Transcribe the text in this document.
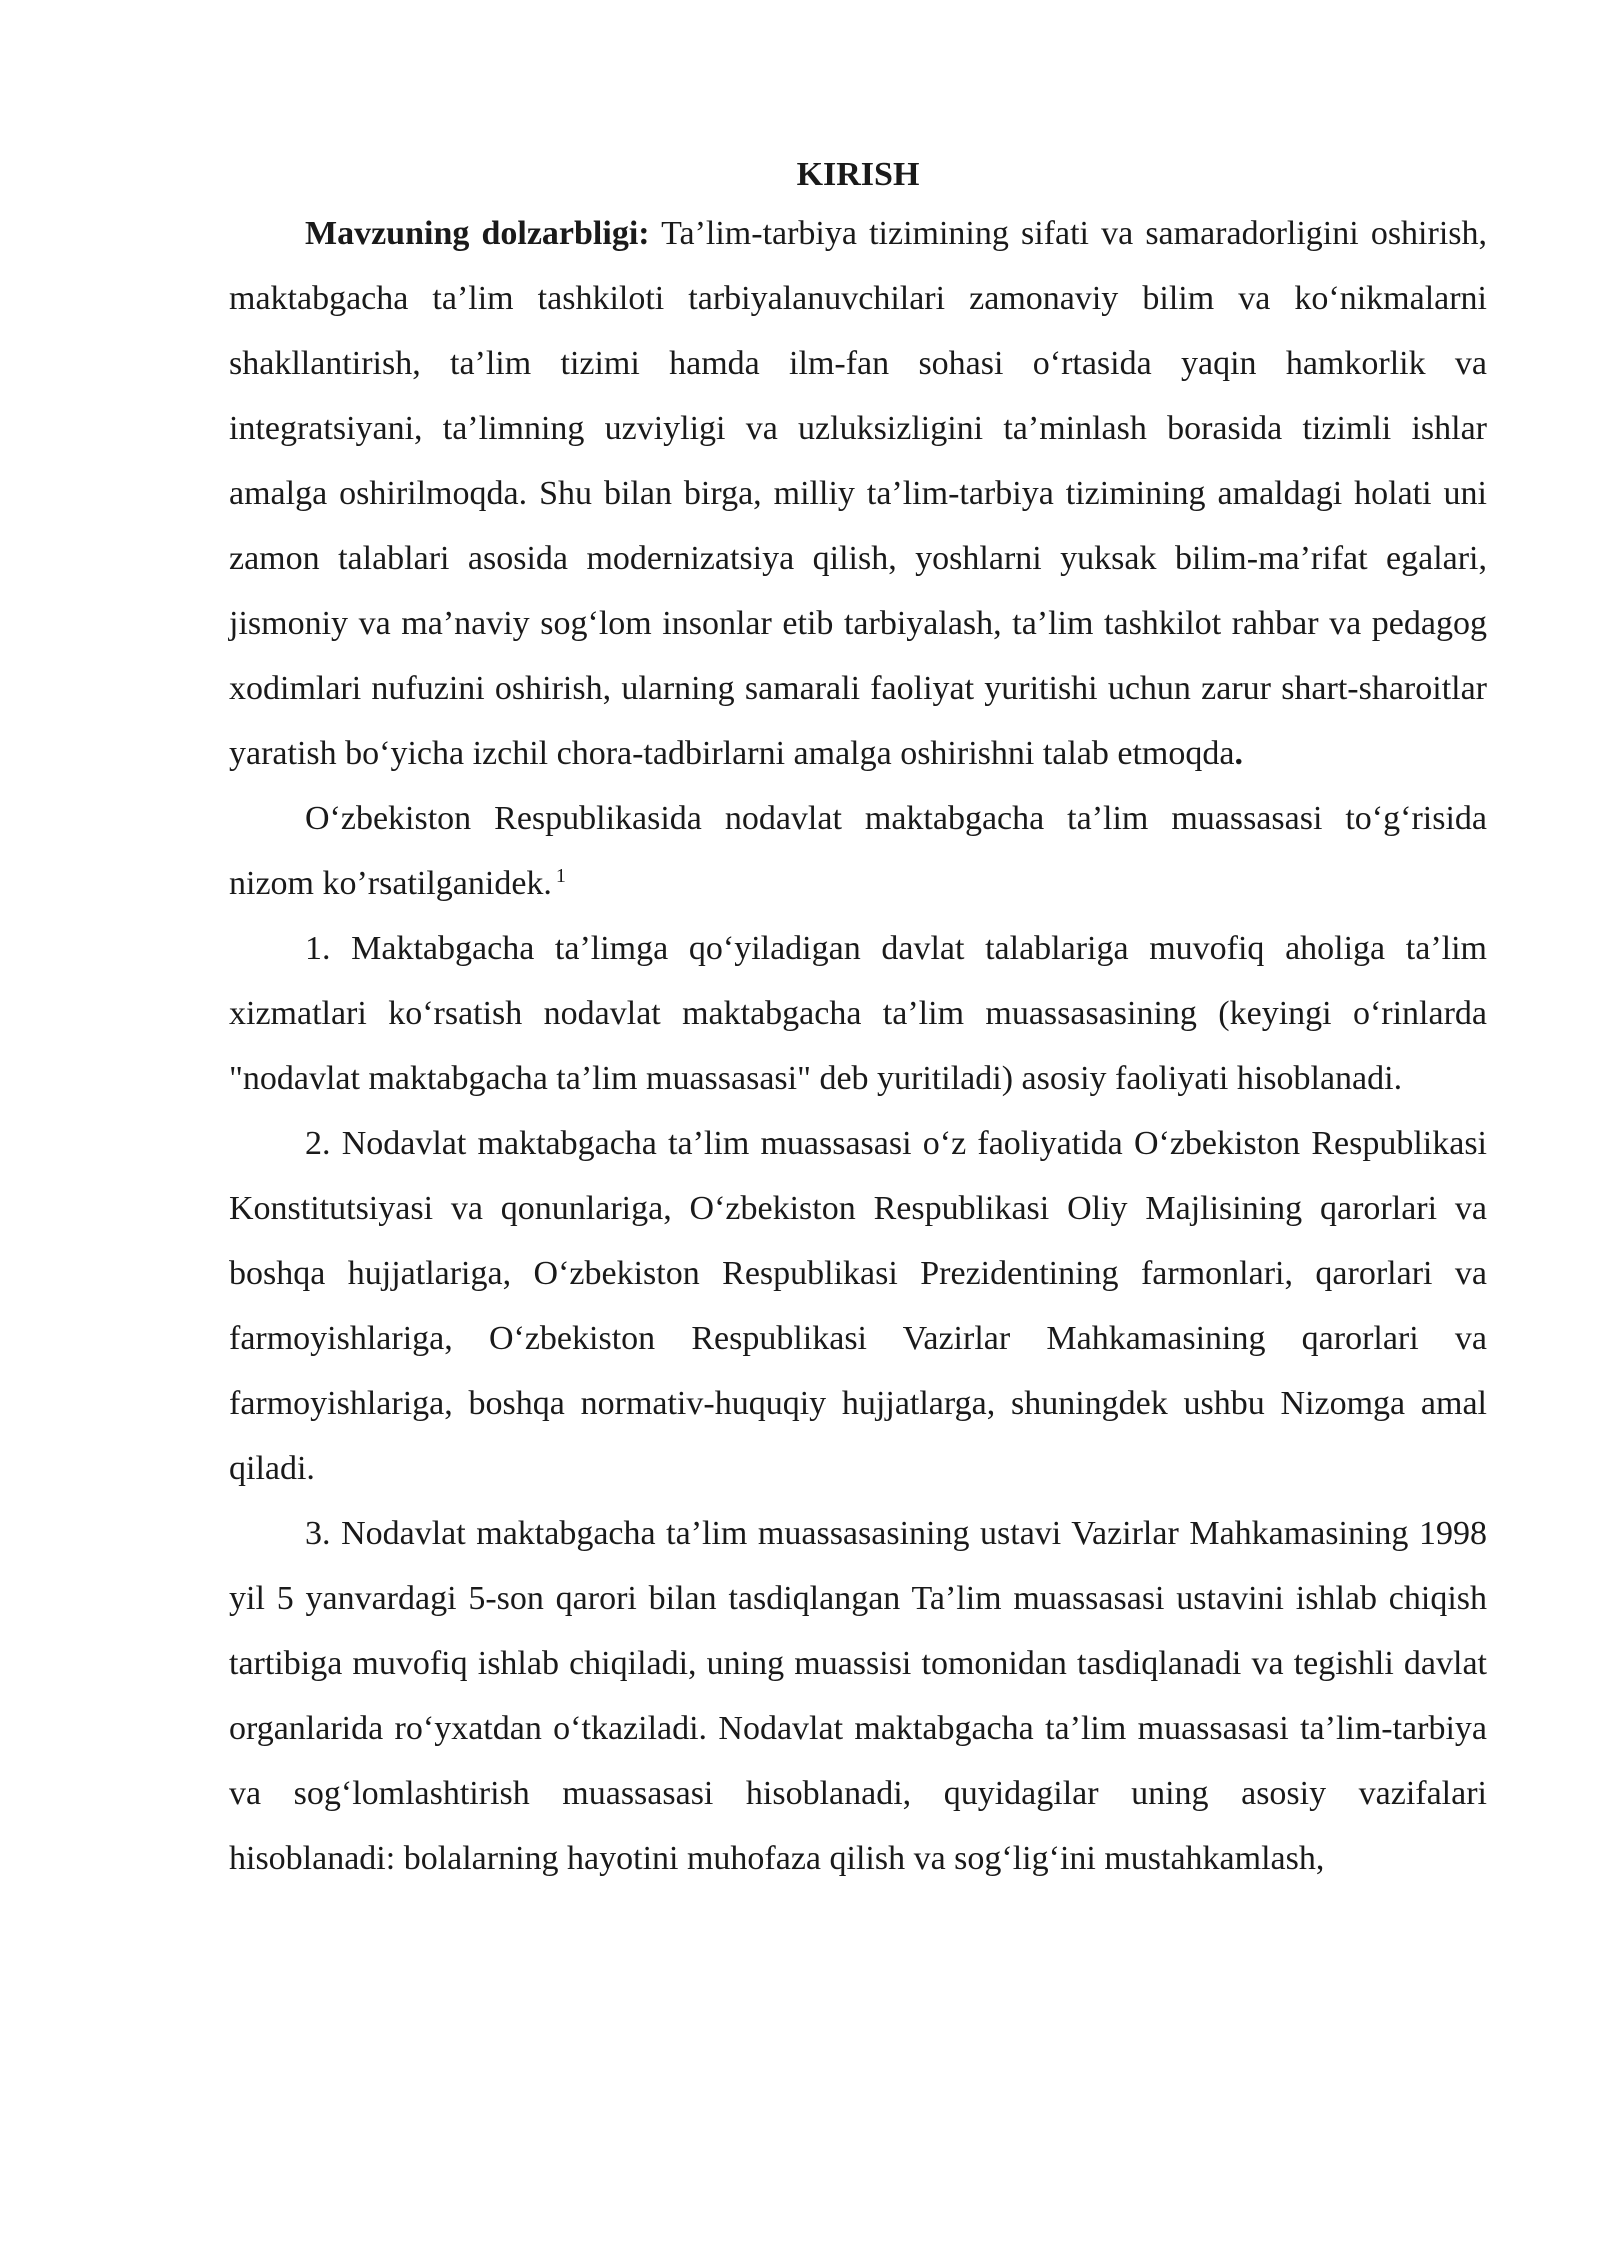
KIRISH

Mavzuning dolzarbligi: Ta’lim-tarbiya tizimining sifati va samaradorligini oshirish, maktabgacha ta’lim tashkiloti tarbiyalanuvchilari zamonaviy bilim va ko‘nikmalarni shakllantirish, ta’lim tizimi hamda ilm-fan sohasi o‘rtasida yaqin hamkorlik va integratsiyani, ta’limning uzviyligi va uzluksizligini ta’minlash borasida tizimli ishlar amalga oshirilmoqda. Shu bilan birga, milliy ta’lim-tarbiya tizimining amaldagi holati uni zamon talablari asosida modernizatsiya qilish, yoshlarni yuksak bilim-ma’rifat egalari, jismoniy va ma’naviy sog‘lom insonlar etib tarbiyalash, ta’lim tashkilot rahbar va pedagog xodimlari nufuzini oshirish, ularning samarali faoliyat yuritishi uchun zarur shart-sharoitlar yaratish bo‘yicha izchil chora-tadbirlarni amalga oshirishni talab etmoqda.

O‘zbekiston Respublikasida nodavlat maktabgacha ta’lim muassasasi to‘g‘risida nizom ko’rsatilganidek. $^1$

1. Maktabgacha ta’limga qo‘yiladigan davlat talablariga muvofiq aholiga ta’lim xizmatlari ko‘rsatish nodavlat maktabgacha ta’lim muassasasining (keyingi o‘rinlarda "nodavlat maktabgacha ta’lim muassasasi" deb yuritiladi) asosiy faoliyati hisoblanadi.

2. Nodavlat maktabgacha ta’lim muassasasi o‘z faoliyatida O‘zbekiston Respublikasi Konstitutsiyasi va qonunlariga, O‘zbekiston Respublikasi Oliy Majlisining qarorlari va boshqa hujjatlariga, O‘zbekiston Respublikasi Prezidentining farmonlari, qarorlari va farmoyishlariga, O‘zbekiston Respublikasi Vazirlar Mahkamasining qarorlari va farmoyishlariga, boshqa normativ-huquqiy hujjatlarga, shuningdek ushbu Nizomga amal qiladi.

3. Nodavlat maktabgacha ta’lim muassasasining ustavi Vazirlar Mahkamasining 1998 yil 5 yanvardagi 5-son qarori bilan tasdiqlangan Ta’lim muassasasi ustavini ishlab chiqish tartibiga muvofiq ishlab chiqiladi, uning muassisi tomonidan tasdiqlanadi va tegishli davlat organlarida ro‘yxatdan o‘tkaziladi. Nodavlat maktabgacha ta’lim muassasasi ta’lim-tarbiya va sog‘lomlashtirish muassasasi hisoblanadi, quyidagilar uning asosiy vazifalari hisoblanadi: bolalarning hayotini muhofaza qilish va sog‘lig‘ini mustahkamlash,
